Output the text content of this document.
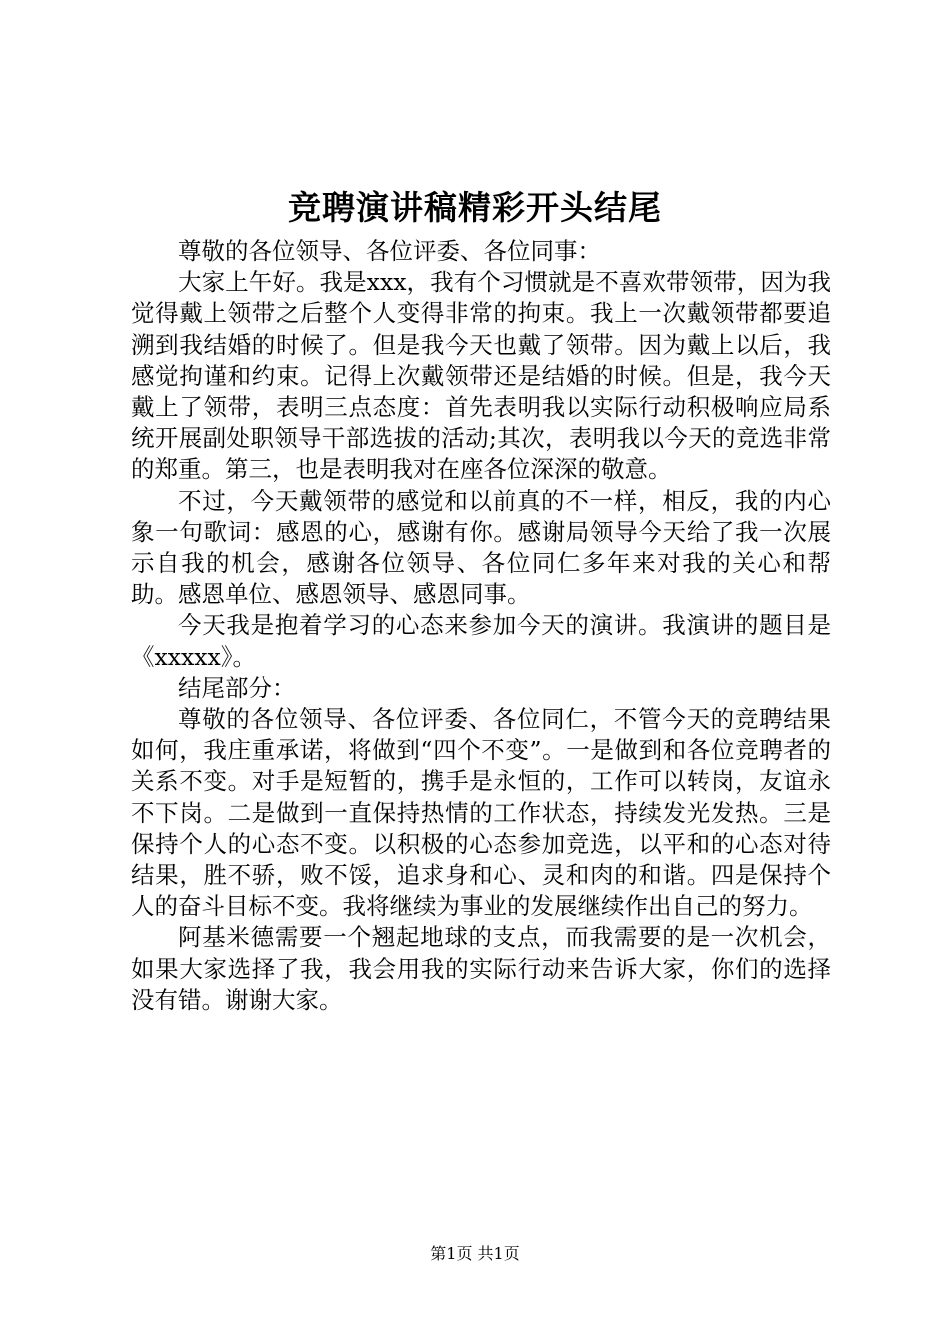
竞聘演讲稿精彩开头结尾

尊敬的各位领导、各位评委、各位同事：

大家上午好。我是xxx，我有个习惯就是不喜欢带领带，因为我觉得戴上领带之后整个人变得非常的拘束。我上一次戴领带都要追溯到我结婚的时候了。但是我今天也戴了领带。因为戴上以后，我感觉拘谨和约束。记得上次戴领带还是结婚的时候。但是，我今天戴上了领带，表明三点态度：首先表明我以实际行动积极响应局系统开展副处职领导干部选拔的活动;其次，表明我以今天的竞选非常的郑重。第三，也是表明我对在座各位深深的敬意。

不过，今天戴领带的感觉和以前真的不一样，相反，我的内心象一句歌词：感恩的心，感谢有你。感谢局领导今天给了我一次展示自我的机会，感谢各位领导、各位同仁多年来对我的关心和帮助。感恩单位、感恩领导、感恩同事。

今天我是抱着学习的心态来参加今天的演讲。我演讲的题目是《xxxxx》。

结尾部分：

尊敬的各位领导、各位评委、各位同仁，不管今天的竞聘结果如何，我庄重承诺，将做到“四个不变”。一是做到和各位竞聘者的关系不变。对手是短暂的，携手是永恒的，工作可以转岗，友谊永不下岗。二是做到一直保持热情的工作状态，持续发光发热。三是保持个人的心态不变。以积极的心态参加竞选，以平和的心态对待结果，胜不骄，败不馁，追求身和心、灵和肉的和谐。四是保持个人的奋斗目标不变。我将继续为事业的发展继续作出自己的努力。

阿基米德需要一个翘起地球的支点，而我需要的是一次机会，如果大家选择了我，我会用我的实际行动来告诉大家，你们的选择没有错。谢谢大家。

第1页 共1页
